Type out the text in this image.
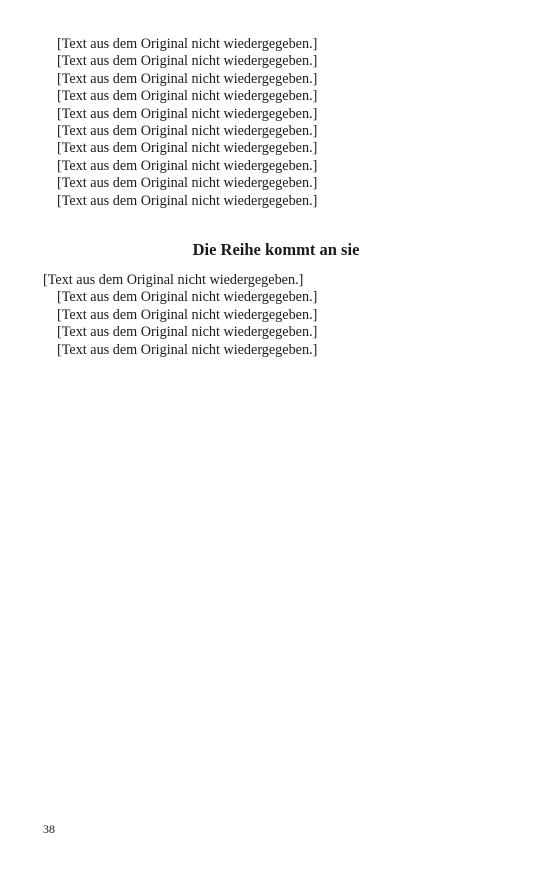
[Text aus dem Original nicht wiedergegeben.]

[Text aus dem Original nicht wiedergegeben.]

[Text aus dem Original nicht wiedergegeben.]

[Text aus dem Original nicht wiedergegeben.]

[Text aus dem Original nicht wiedergegeben.]

[Text aus dem Original nicht wiedergegeben.]

[Text aus dem Original nicht wiedergegeben.]

[Text aus dem Original nicht wiedergegeben.]

[Text aus dem Original nicht wiedergegeben.]

[Text aus dem Original nicht wiedergegeben.]

Die Reihe kommt an sie

[Text aus dem Original nicht wiedergegeben.]

[Text aus dem Original nicht wiedergegeben.]

[Text aus dem Original nicht wiedergegeben.]

[Text aus dem Original nicht wiedergegeben.]

[Text aus dem Original nicht wiedergegeben.]

38
